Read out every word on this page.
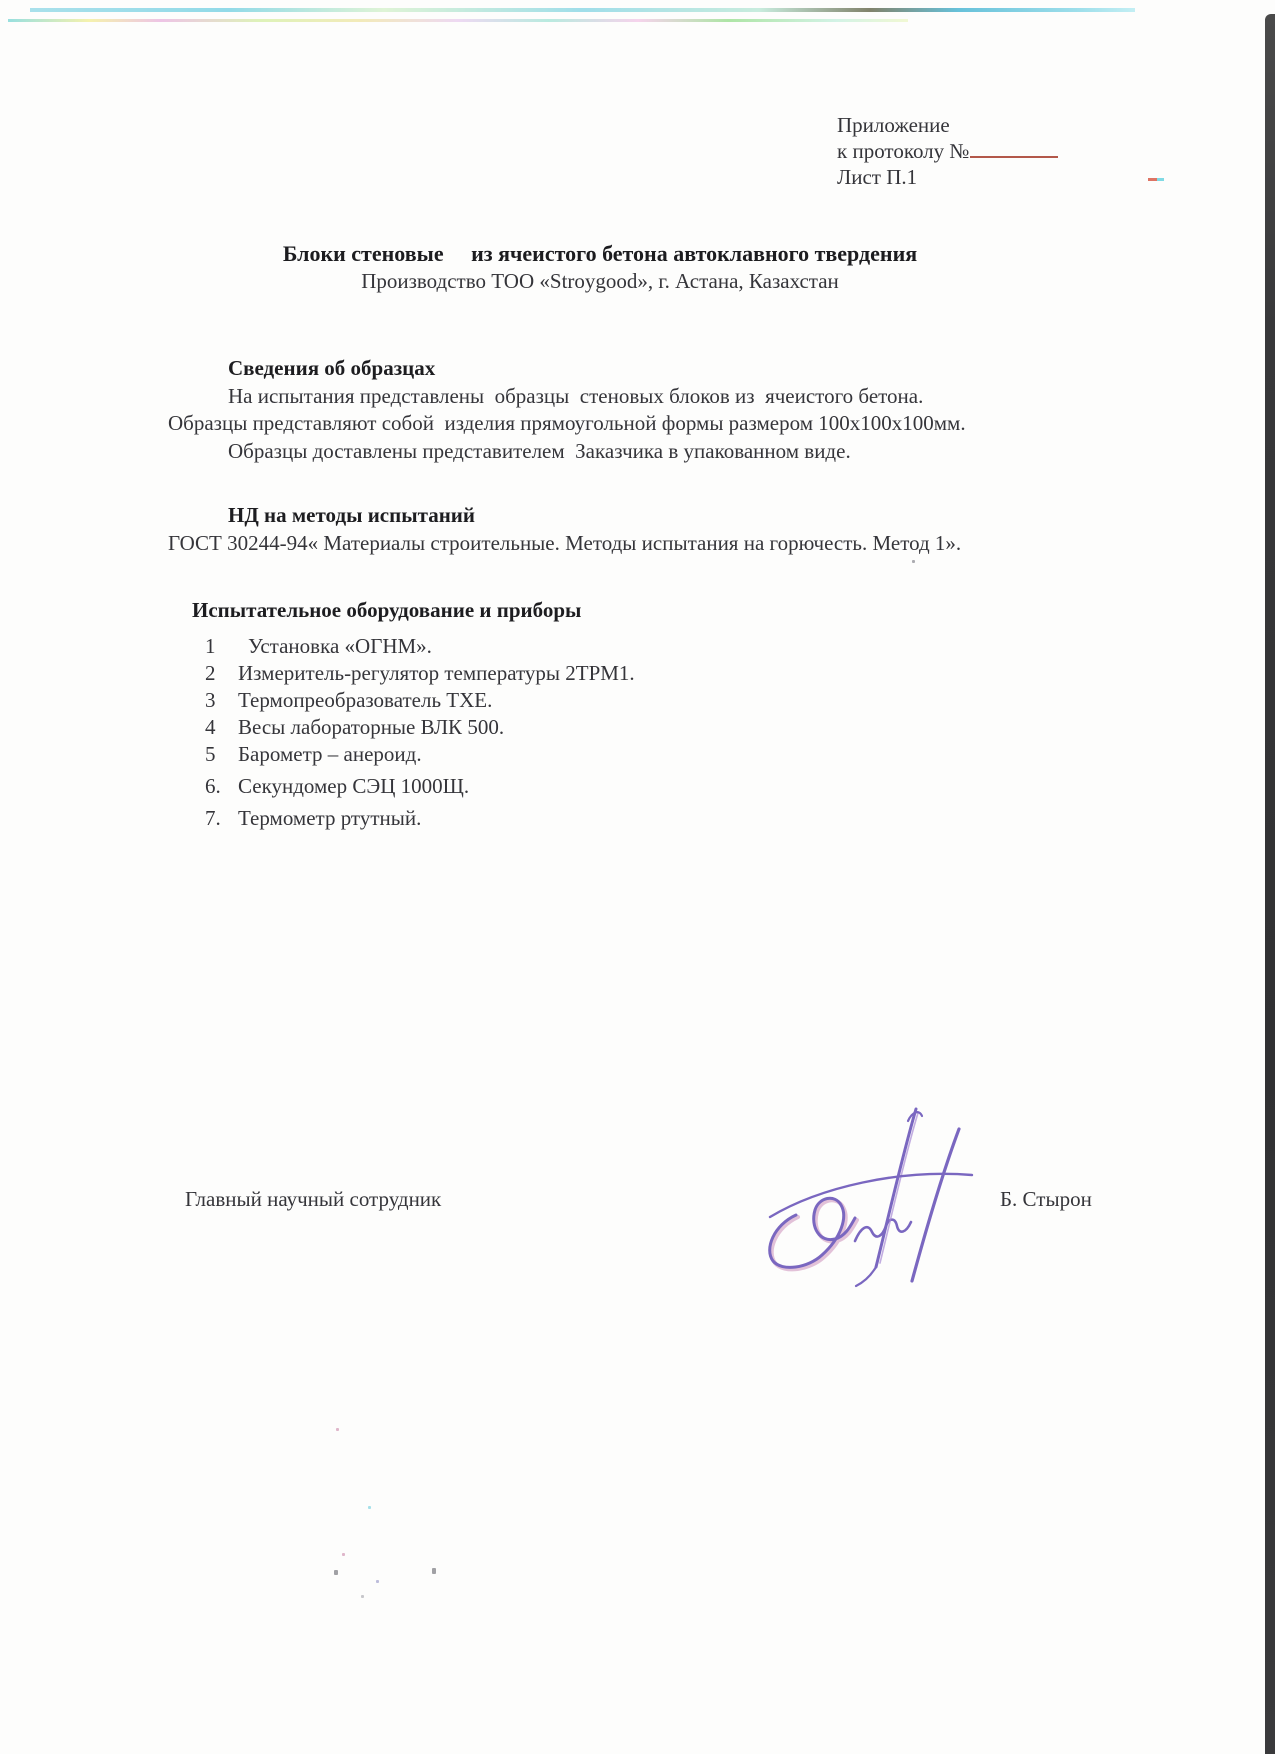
Приложение
к протоколу №
Лист П.1
Блоки стеновые     из ячеистого бетона автоклавного твердения
Производство ТОО «Stroygood», г. Астана, Казахстан
Сведения об образцах
На испытания представлены  образцы  стеновых блоков из  ячеистого бетона.
Образцы представляют собой  изделия прямоугольной формы размером 100х100х100мм.
Образцы доставлены представителем  Заказчика в упакованном виде.
НД на методы испытаний
ГОСТ 30244-94« Материалы строительные. Методы испытания на горючесть. Метод 1».
Испытательное оборудование и приборы
1	Установка «ОГНМ».
2	Измеритель-регулятор температуры 2ТРМ1.
3	Термопреобразователь ТХЕ.
4	Весы лабораторные ВЛК 500.
5	Барометр – анероид.
6. Секундомер СЭЦ 1000Щ.
7. Термометр ртутный.
Главный научный сотрудник	Б. Стырон
